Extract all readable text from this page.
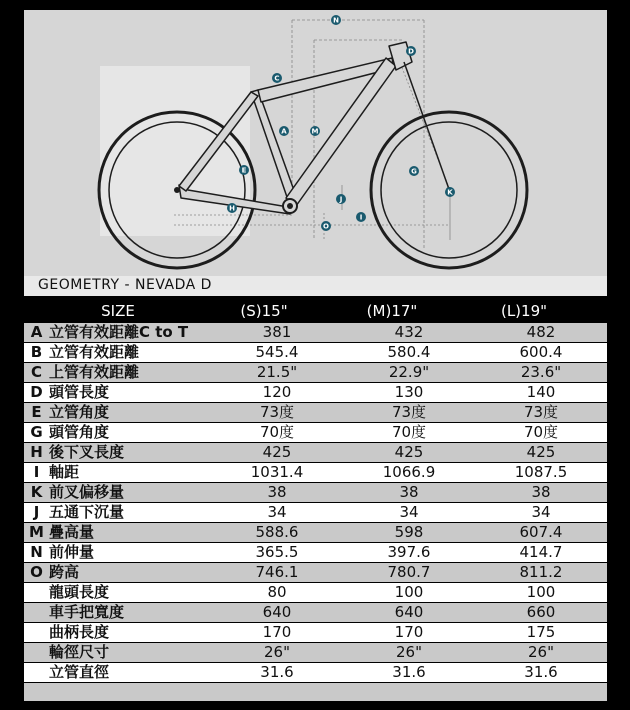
N
D
C
A	M
E	G
K
J
H
I
O
GEOMETRY - NEVADA D
SIZE	(S)15"	(M)17"	(L)19"
A	立管有效距離C to T	381	432	482
B	立管有效距離	545.4	580.4	600.4
C	上管有效距離	21.5"	22.9"	23.6"
D	頭管長度	120	130	140
E	立管角度	73度	73度	73度
G	頭管角度	70度	70度	70度
H	後下叉長度	425	425	425
I	軸距	1031.4	1066.9	1087.5
K	前叉偏移量	38	38	38
J	五通下沉量	34	34	34
M	疊高量	588.6	598	607.4
N	前伸量	365.5	397.6	414.7
O	跨高	746.1	780.7	811.2
	龍頭長度	80	100	100
	車手把寬度	640	640	660
	曲柄長度	170	170	175
	輪徑尺寸	26"	26"	26"
	立管直徑	31.6	31.6	31.6
